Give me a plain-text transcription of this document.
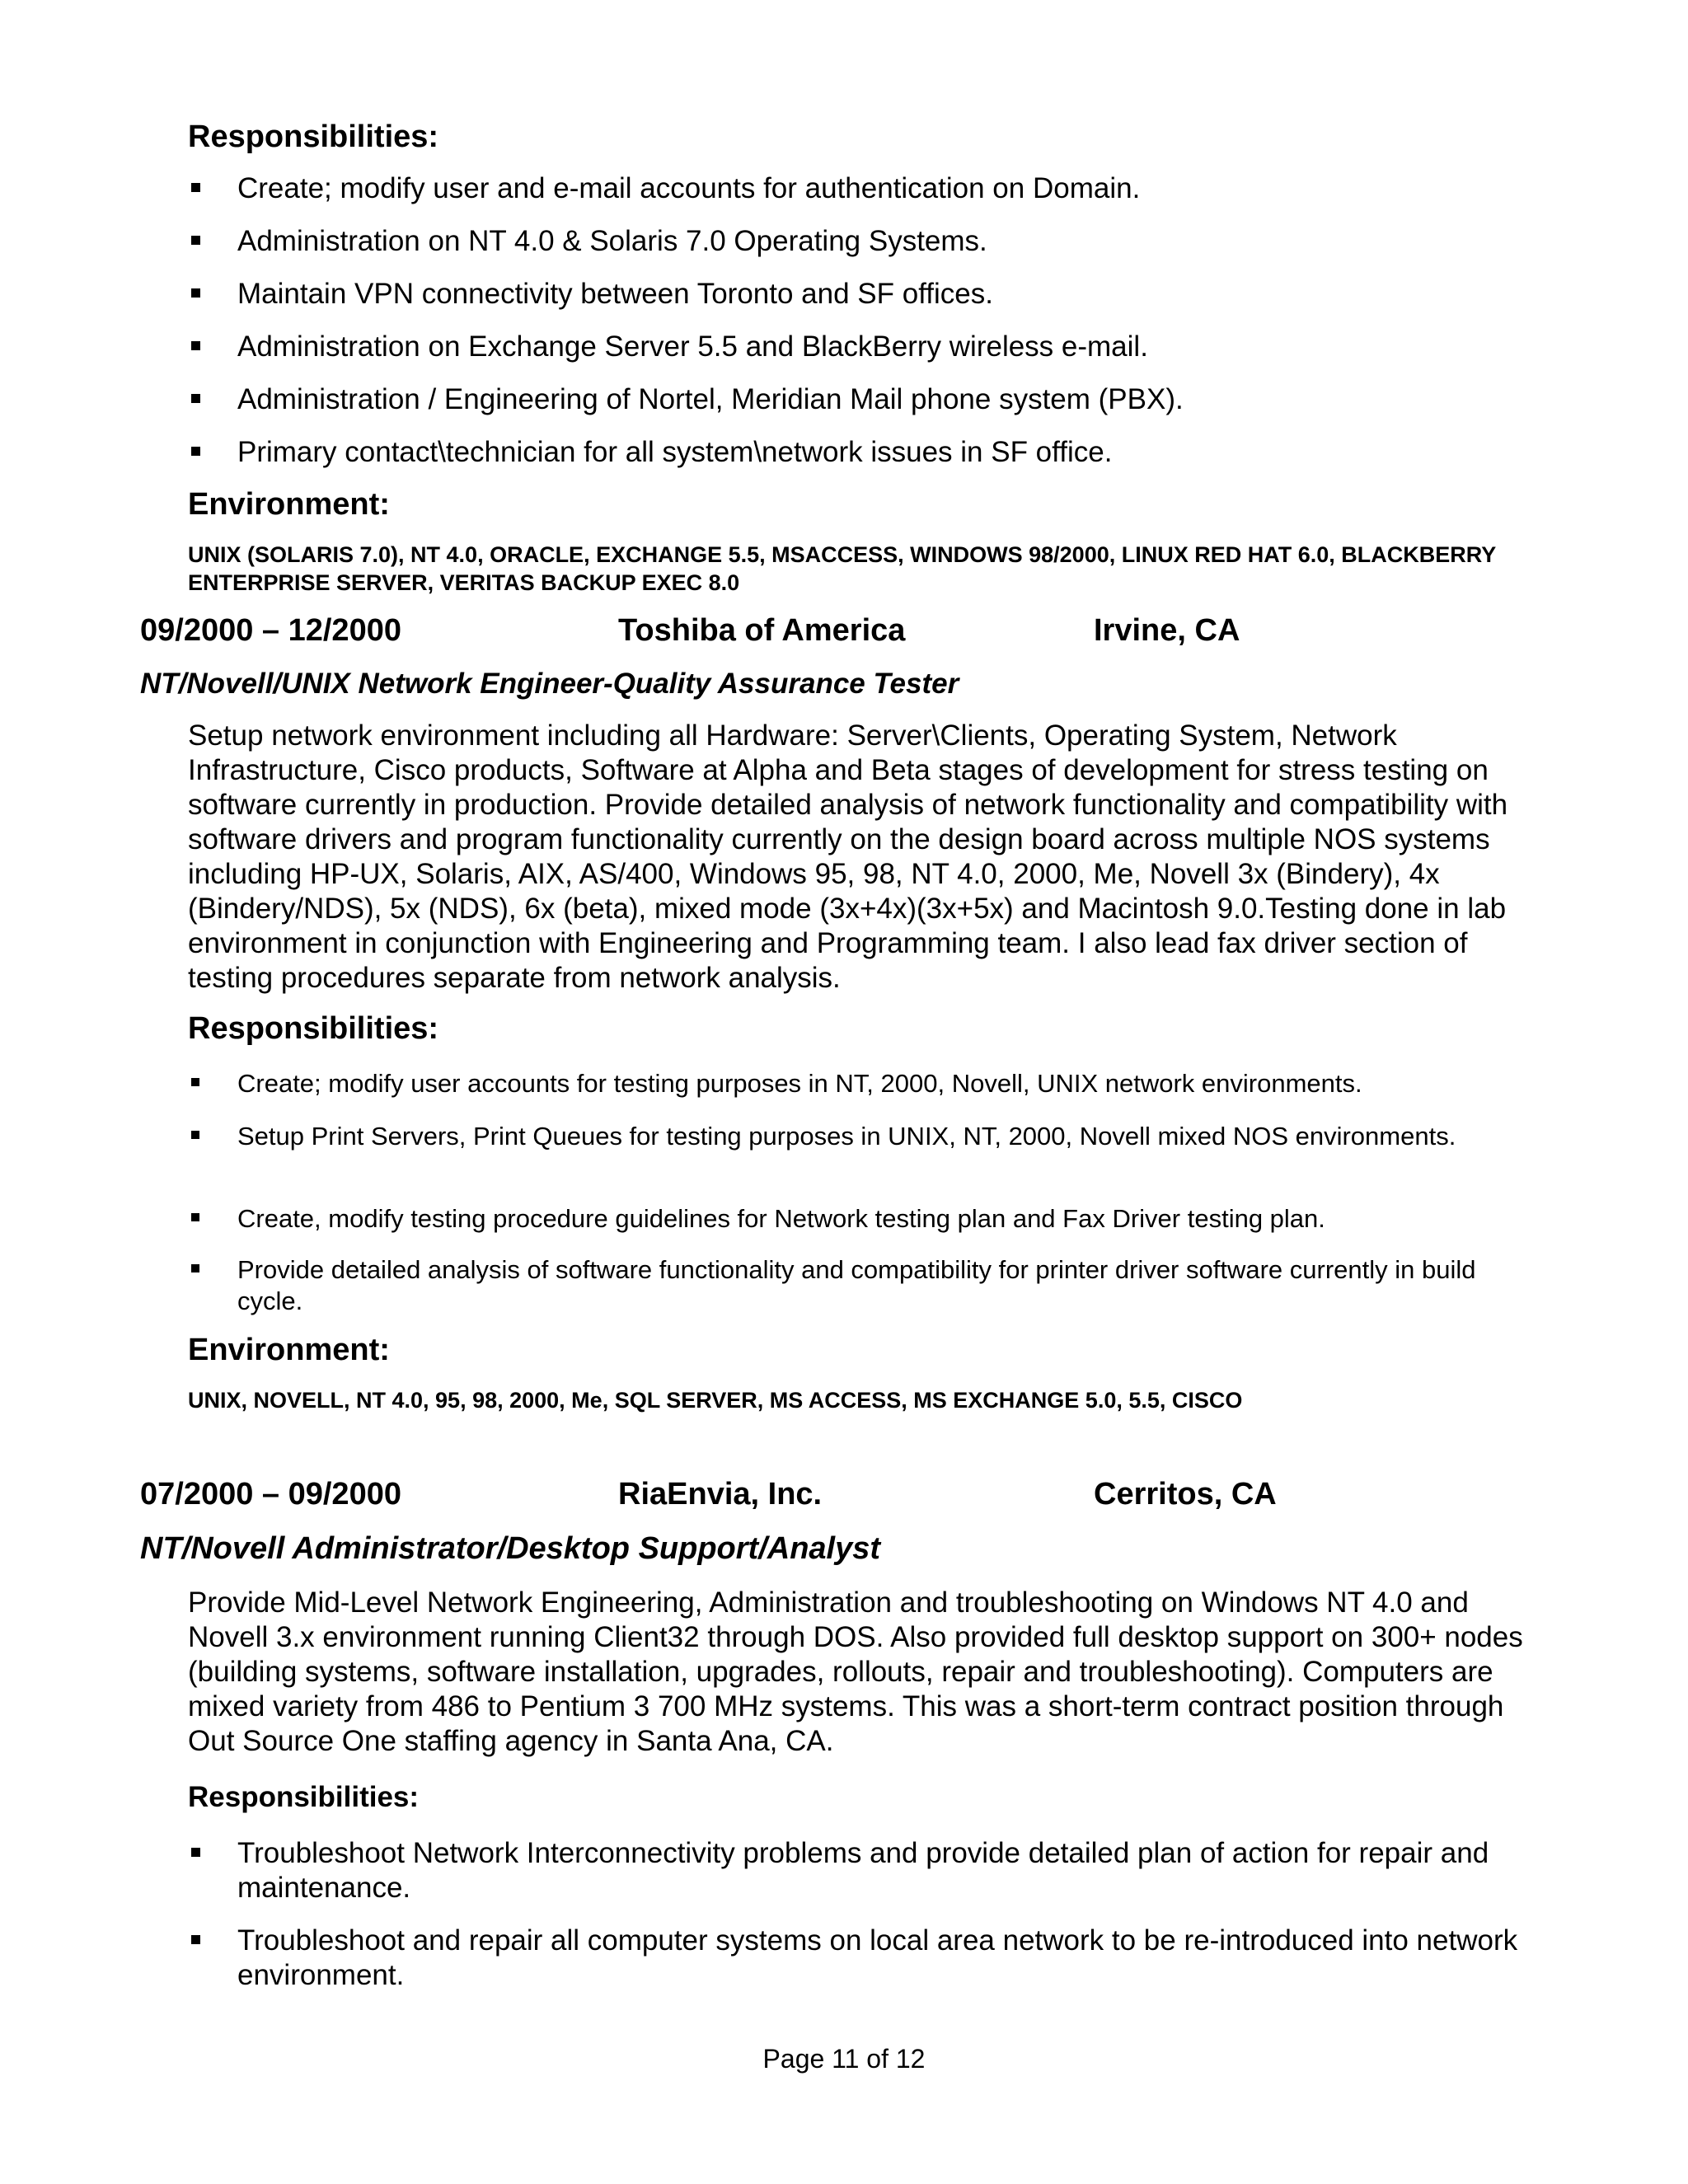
Responsibilities:
Create; modify user and e-mail accounts for authentication on Domain.
Administration on NT 4.0 & Solaris 7.0 Operating Systems.
Maintain VPN connectivity between Toronto and SF offices.
Administration on Exchange Server 5.5 and BlackBerry wireless e-mail.
Administration / Engineering of Nortel, Meridian Mail phone system (PBX).
Primary contact\technician for all system\network issues in SF office.
Environment:

UNIX (SOLARIS 7.0), NT 4.0, ORACLE, EXCHANGE 5.5, MSACCESS, WINDOWS 98/2000, LINUX RED HAT 6.0, BLACKBERRY ENTERPRISE SERVER, VERITAS BACKUP EXEC 8.0

09/2000 – 12/2000	Toshiba of America	Irvine, CA
NT/Novell/UNIX Network Engineer-Quality Assurance Tester

Setup network environment including all Hardware: Server\Clients, Operating System, Network Infrastructure, Cisco products, Software at Alpha and Beta stages of development for stress testing on software currently in production. Provide detailed analysis of network functionality and compatibility with software drivers and program functionality currently on the design board across multiple NOS systems including HP-UX, Solaris, AIX, AS/400, Windows 95, 98, NT 4.0, 2000, Me, Novell 3x (Bindery), 4x (Bindery/NDS), 5x (NDS), 6x (beta), mixed mode (3x+4x)(3x+5x) and Macintosh 9.0.Testing done in lab environment in conjunction with Engineering and Programming team. I also lead fax driver section of testing procedures separate from network analysis.

Responsibilities:
Create; modify user accounts for testing purposes in NT, 2000, Novell, UNIX network environments.
Setup Print Servers, Print Queues for testing purposes in UNIX, NT, 2000, Novell mixed NOS environments.
Create, modify testing procedure guidelines for Network testing plan and Fax Driver testing plan.
Provide detailed analysis of software functionality and compatibility for printer driver software currently in build cycle.
Environment:

UNIX, NOVELL, NT 4.0, 95, 98, 2000, Me, SQL SERVER, MS ACCESS, MS EXCHANGE 5.0, 5.5, CISCO

07/2000 – 09/2000	RiaEnvia, Inc.	Cerritos, CA
NT/Novell Administrator/Desktop Support/Analyst

Provide Mid-Level Network Engineering, Administration and troubleshooting on Windows NT 4.0 and Novell 3.x environment running Client32 through DOS. Also provided full desktop support on 300+ nodes (building systems, software installation, upgrades, rollouts, repair and troubleshooting). Computers are mixed variety from 486 to Pentium 3 700 MHz systems. This was a short-term contract position through Out Source One staffing agency in Santa Ana, CA.

Responsibilities:
Troubleshoot Network Interconnectivity problems and provide detailed plan of action for repair and maintenance.
Troubleshoot and repair all computer systems on local area network to be re-introduced into network environment.
Page 11 of 12
